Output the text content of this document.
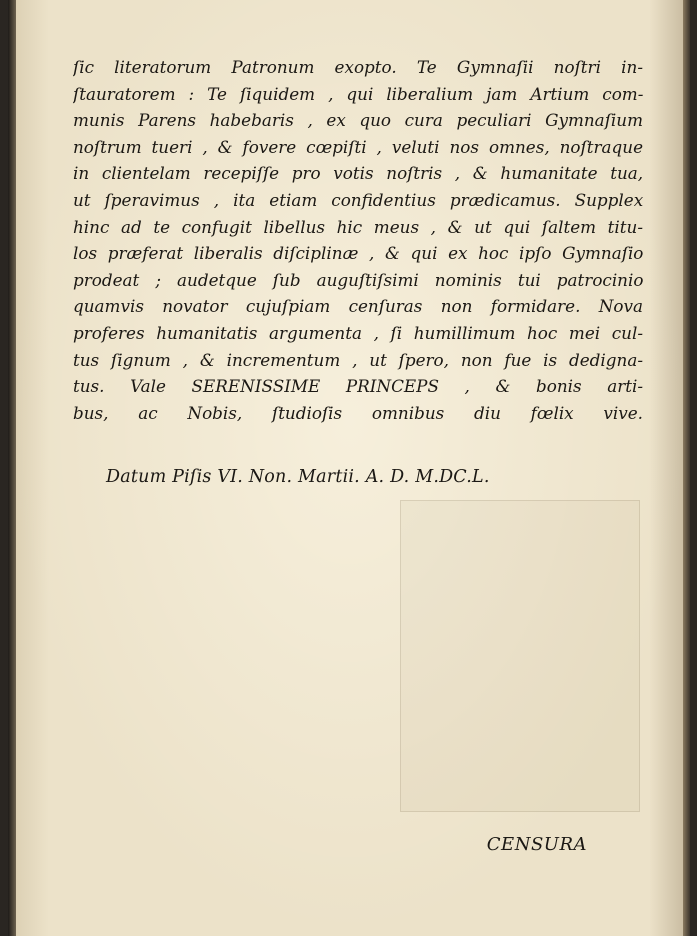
ſic literatorum Patronum exopto. Te Gymnaſii noſtri in-
ſtauratorem : Te ſiquidem , qui liberalium jam Artium com-
munis Parens habebaris , ex quo cura peculiari Gymnaſium
noſtrum tueri , & fovere cœpiſti , veluti nos omnes, noſtraque
in clientelam recepiſſe pro votis noſtris , & humanitate tua,
ut ſperavimus , ita etiam confidentius prædicamus. Supplex
hinc ad te confugit libellus hic meus , & ut qui ſaltem titu-
los præferat liberalis diſciplinæ , & qui ex hoc ipſo Gymnaſio
prodeat ; audetque ſub auguſtiſsimi nominis tui patrocinio
quamvis novator cujuſpiam cenſuras non formidare. Nova
proferes humanitatis argumenta , ſi humillimum hoc mei cul-
tus ſignum , & incrementum , ut ſpero, non fue is dedigna-
tus. Vale SERENISSIME PRINCEPS , & bonis arti-
bus, ac Nobis, ſtudioſis omnibus diu fœlix vive.

Datum Piſis VI. Non. Martii. A. D. M.DC.L.
CENSURA
